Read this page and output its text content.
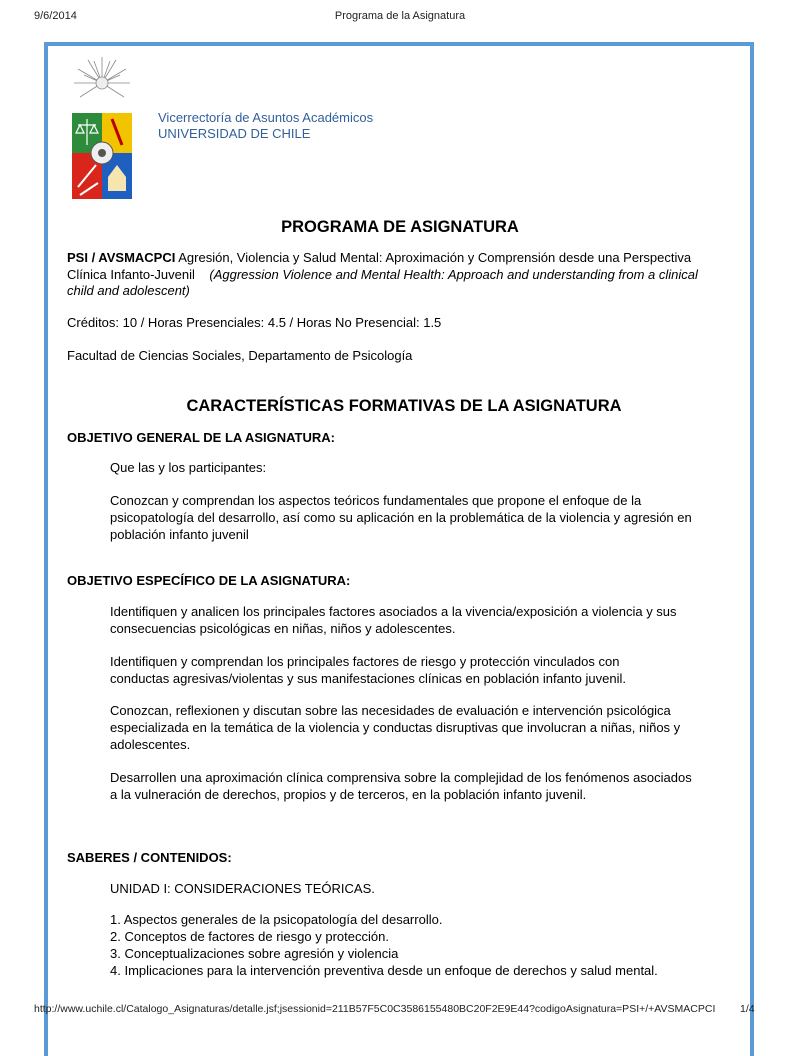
9/6/2014	Programa de la Asignatura
Vicerrectoría de Asuntos Académicos
UNIVERSIDAD DE CHILE
PROGRAMA DE ASIGNATURA
PSI / AVSMACPCI Agresión, Violencia y Salud Mental: Aproximación y Comprensión desde una Perspectiva Clínica Infanto-Juvenil (Aggression Violence and Mental Health: Approach and understanding from a clinical child and adolescent)
Créditos: 10 / Horas Presenciales: 4.5 / Horas No Presencial: 1.5
Facultad de Ciencias Sociales, Departamento de Psicología
CARACTERÍSTICAS FORMATIVAS DE LA ASIGNATURA
OBJETIVO GENERAL DE LA ASIGNATURA:
Que las y los participantes:
Conozcan y comprendan los aspectos teóricos fundamentales que propone el enfoque de la psicopatología del desarrollo, así como su aplicación en la problemática de la violencia y agresión en población infanto juvenil
OBJETIVO ESPECÍFICO DE LA ASIGNATURA:
Identifiquen y analicen los principales factores asociados a la vivencia/exposición a violencia y sus consecuencias psicológicas en niñas, niños y adolescentes.
Identifiquen y comprendan los principales factores de riesgo y protección vinculados con conductas agresivas/violentas y sus manifestaciones clínicas en población infanto juvenil.
Conozcan, reflexionen y discutan sobre las necesidades de evaluación e intervención psicológica especializada en la temática de la violencia y conductas disruptivas que involucran a niñas, niños y adolescentes.
Desarrollen una aproximación clínica comprensiva sobre la complejidad de los fenómenos asociados a la vulneración de derechos, propios y de terceros, en la población infanto juvenil.
SABERES / CONTENIDOS:
UNIDAD I: CONSIDERACIONES TEÓRICAS.
1. Aspectos generales de la psicopatología del desarrollo.
2. Conceptos de factores de riesgo y protección.
3. Conceptualizaciones sobre agresión y violencia
4. Implicaciones para la intervención preventiva desde un enfoque de derechos y salud mental.
http://www.uchile.cl/Catalogo_Asignaturas/detalle.jsf;jsessionid=211B57F5C0C3586155480BC20F2E9E44?codigoAsignatura=PSI+/+AVSMACPCI 1/4
